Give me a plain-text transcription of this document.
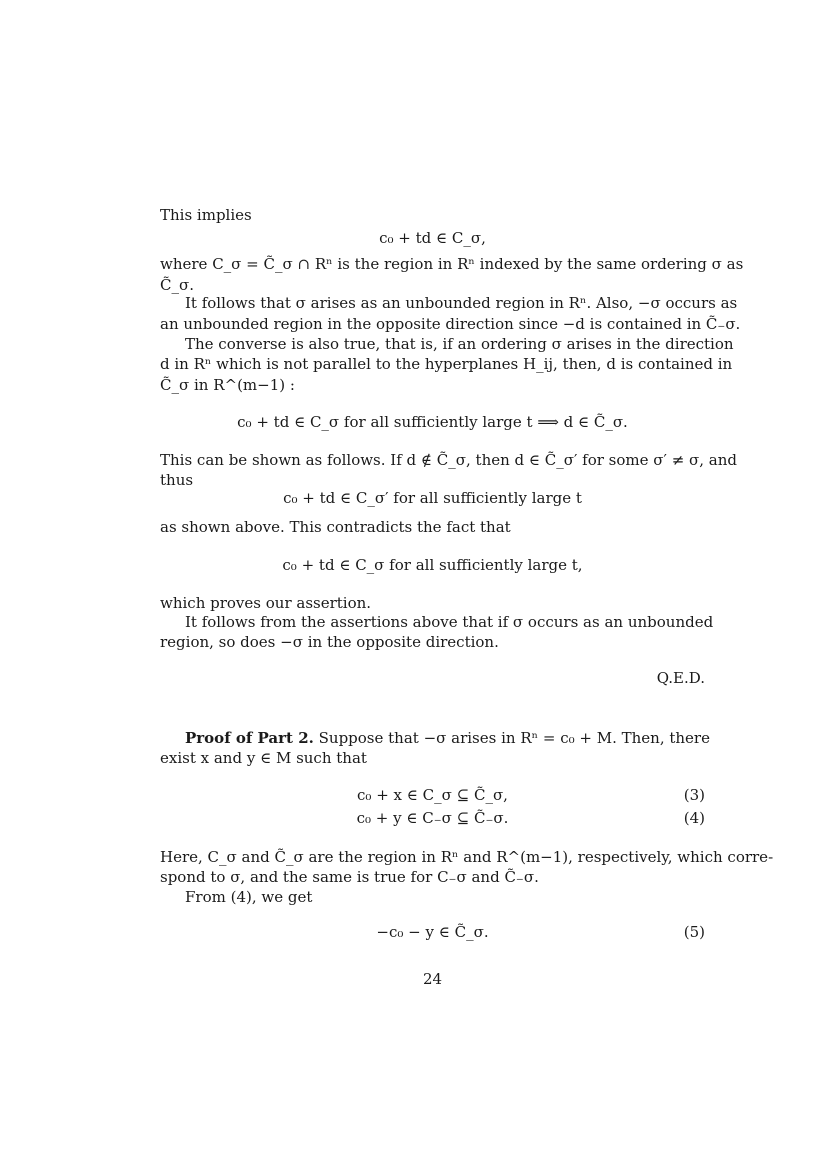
This implies
c₀ + td ∈ C_σ,
where C_σ = C̃_σ ∩ Rⁿ is the region in Rⁿ indexed by the same ordering σ as
C̃_σ.
It follows that σ arises as an unbounded region in Rⁿ. Also, −σ occurs as
an unbounded region in the opposite direction since −d is contained in C̃₋σ.
The converse is also true, that is, if an ordering σ arises in the direction
d in Rⁿ which is not parallel to the hyperplanes H_ij, then, d is contained in
C̃_σ in R^(m−1) :
c₀ + td ∈ C_σ for all sufficiently large t ⟹ d ∈ C̃_σ.
This can be shown as follows. If d ∉ C̃_σ, then d ∈ C̃_σ′ for some σ′ ≠ σ, and
thus
c₀ + td ∈ C_σ′ for all sufficiently large t
as shown above. This contradicts the fact that
c₀ + td ∈ C_σ for all sufficiently large t,
which proves our assertion.
It follows from the assertions above that if σ occurs as an unbounded
region, so does −σ in the opposite direction.
Q.E.D.
Proof of Part 2. Suppose that −σ arises in Rⁿ = c₀ + M. Then, there
exist x and y ∈ M such that
c₀ + x ∈ C_σ ⊆ C̃_σ,	(3)
c₀ + y ∈ C₋σ ⊆ C̃₋σ.	(4)
Here, C_σ and C̃_σ are the region in Rⁿ and R^(m−1), respectively, which corre-
spond to σ, and the same is true for C₋σ and C̃₋σ.
From (4), we get
−c₀ − y ∈ C̃_σ.	(5)
24
